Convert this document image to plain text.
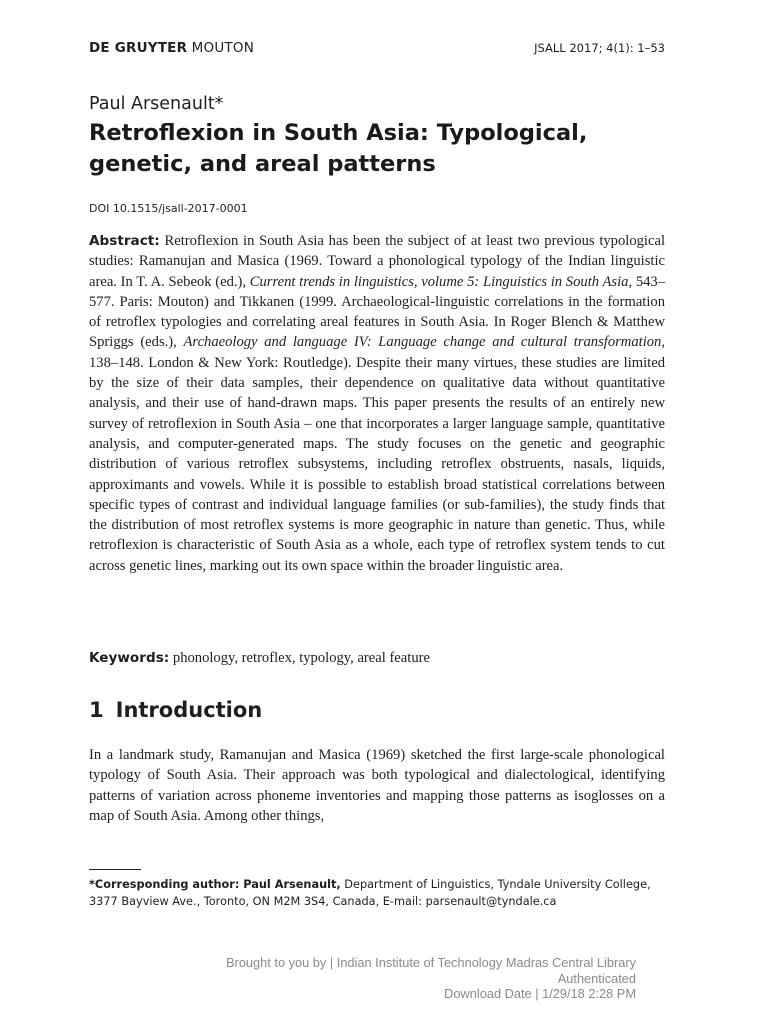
DE GRUYTER MOUTON	JSALL 2017; 4(1): 1–53
Paul Arsenault*
Retroflexion in South Asia: Typological,
genetic, and areal patterns
DOI 10.1515/jsall-2017-0001

Abstract: Retroflexion in South Asia has been the subject of at least two previous typological studies: Ramanujan and Masica (1969. Toward a phonological typology of the Indian linguistic area. In T. A. Sebeok (ed.), Current trends in linguistics, volume 5: Linguistics in South Asia, 543–577. Paris: Mouton) and Tikkanen (1999. Archaeological-linguistic correlations in the formation of retroflex typologies and correlating areal features in South Asia. In Roger Blench & Matthew Spriggs (eds.), Archaeology and language IV: Language change and cultural transformation, 138–148. London & New York: Routledge). Despite their many virtues, these studies are limited by the size of their data samples, their dependence on qualitative data without quantitative analysis, and their use of hand-drawn maps. This paper presents the results of an entirely new survey of retroflexion in South Asia – one that incorporates a larger language sample, quantitative analysis, and computer-generated maps. The study focuses on the genetic and geographic distribution of various retroflex subsystems, including retroflex obstruents, nasals, liquids, approximants and vowels. While it is possible to establish broad statistical correlations between specific types of contrast and individual language families (or sub-families), the study finds that the distribution of most retroflex systems is more geographic in nature than genetic. Thus, while retroflexion is characteristic of South Asia as a whole, each type of retroflex system tends to cut across genetic lines, marking out its own space within the broader linguistic area.

Keywords: phonology, retroflex, typology, areal feature
1 Introduction

In a landmark study, Ramanujan and Masica (1969) sketched the first large-scale phonological typology of South Asia. Their approach was both typological and dialectological, identifying patterns of variation across phoneme inventories and mapping those patterns as isoglosses on a map of South Asia. Among other things,

*Corresponding author: Paul Arsenault, Department of Linguistics, Tyndale University College, 3377 Bayview Ave., Toronto, ON M2M 3S4, Canada, E-mail: parsenault@tyndale.ca
Brought to you by | Indian Institute of Technology Madras Central Library
Authenticated
Download Date | 1/29/18 2:28 PM
